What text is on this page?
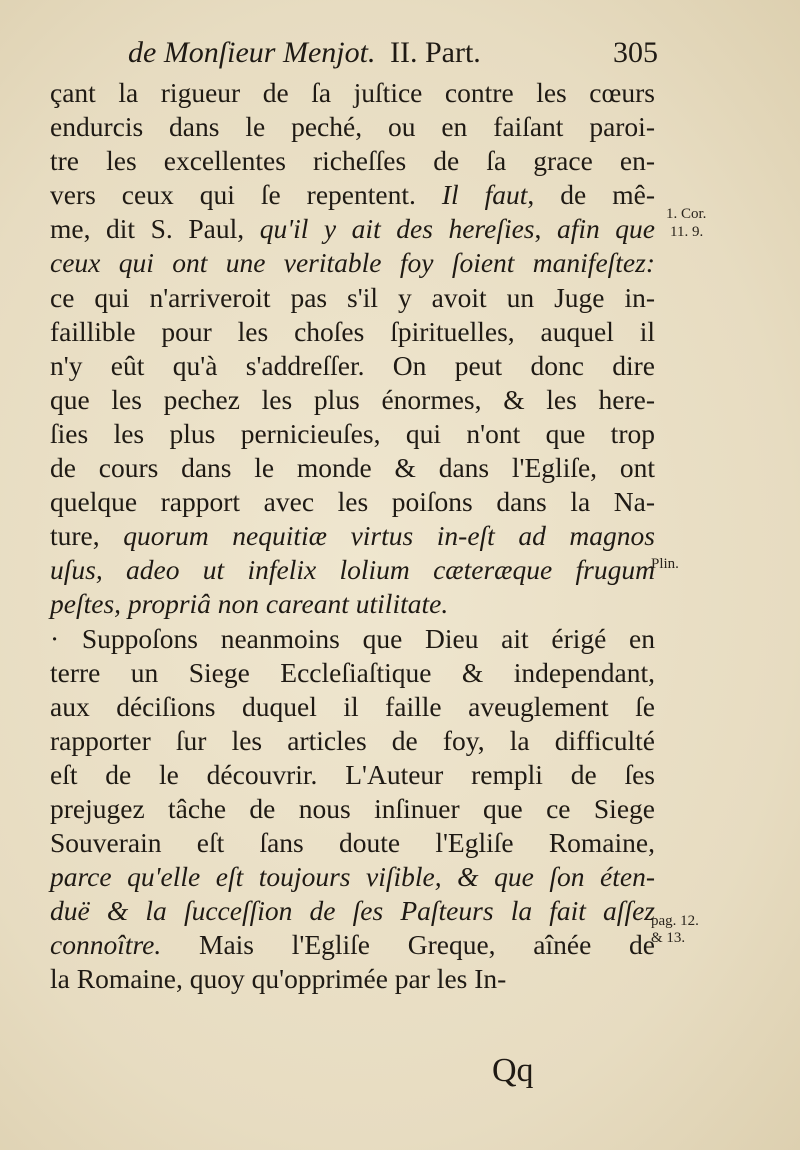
de Monſieur Menjot. II. Part.	305
çant la rigueur de ſa juſtice contre les cœurs
endurcis dans le peché, ou en faiſant paroi-
tre les excellentes richeſſes de ſa grace en-
vers ceux qui ſe repentent. Il faut, de mê-
me, dit S. Paul, qu'il y ait des hereſies, afin que
ceux qui ont une veritable foy ſoient manifeſtez:
ce qui n'arriveroit pas s'il y avoit un Juge in-
faillible pour les choſes ſpirituelles, auquel il
n'y eût qu'à s'addreſſer. On peut donc dire
que les pechez les plus énormes, & les here-
ſies les plus pernicieuſes, qui n'ont que trop
de cours dans le monde & dans l'Egliſe, ont
quelque rapport avec les poiſons dans la Na-
ture, quorum nequitiæ virtus in-eſt ad magnos
uſus, adeo ut infelix lolium cæteræque frugum
peſtes, propriâ non careant utilitate.
· Suppoſons neanmoins que Dieu ait érigé en
terre un Siege Eccleſiaſtique & independant,
aux déciſions duquel il faille aveuglement ſe
rapporter ſur les articles de foy, la difficulté
eſt de le découvrir. L'Auteur rempli de ſes
prejugez tâche de nous inſinuer que ce Siege
Souverain eſt ſans doute l'Egliſe Romaine,
parce qu'elle eſt toujours viſible, & que ſon éten-
duë & la ſucceſſion de ſes Paſteurs la fait aſſez
connoître. Mais l'Egliſe Greque, aînée de
la Romaine, quoy qu'opprimée par les In-
1. Cor.
11. 9.
Plin.
pag. 12.
& 13.
Qq
